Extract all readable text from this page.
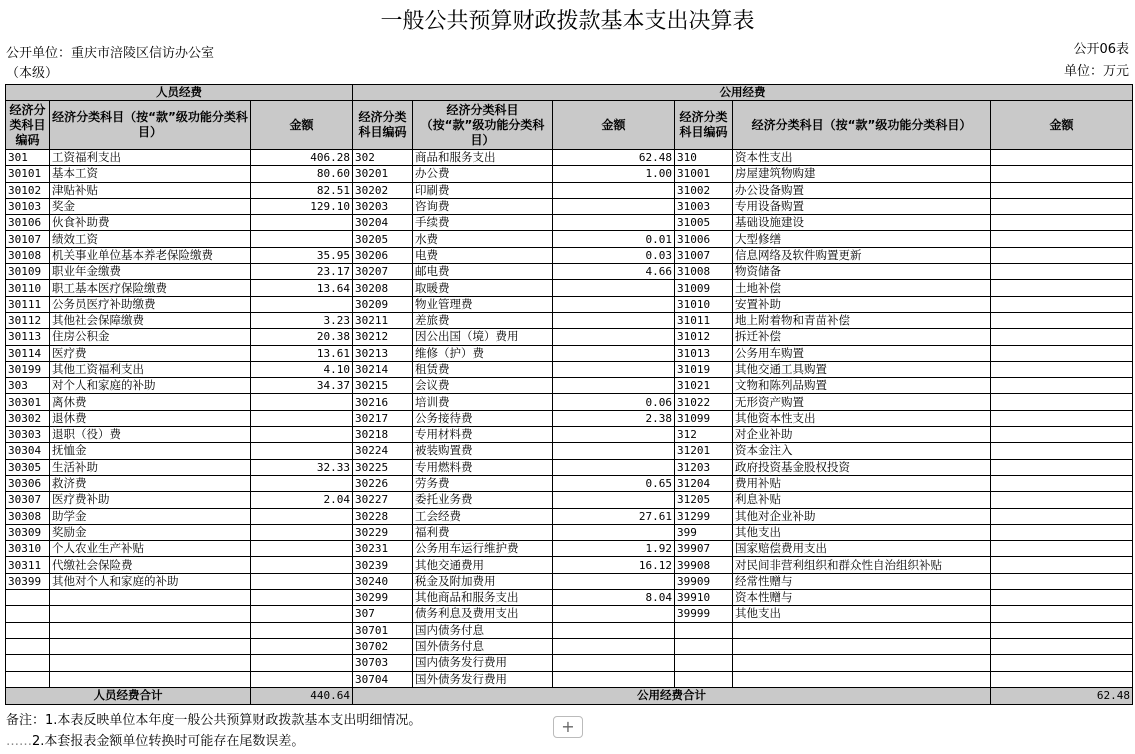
一般公共预算财政拨款基本支出决算表
公开单位：重庆市涪陵区信访办公室
（本级）
公开06表
单位：万元
人员经费			公用经费					
经济分类科目编码	经济分类科目（按“款”级功能分类科目）	金额	经济分类科目编码	经济分类科目（按“款”级功能分类科目）	金额	经济分类科目编码	经济分类科目（按“款”级功能分类科目）	金额
301	工资福利支出	406.28	302	商品和服务支出	62.48	310	资本性支出	
30101	基本工资	80.60	30201	办公费	1.00	31001	房屋建筑物购建	
30102	津贴补贴	82.51	30202	印刷费		31002	办公设备购置	
30103	奖金	129.10	30203	咨询费		31003	专用设备购置	
30106	伙食补助费		30204	手续费		31005	基础设施建设	
30107	绩效工资		30205	水费	0.01	31006	大型修缮	
30108	机关事业单位基本养老保险缴费	35.95	30206	电费	0.03	31007	信息网络及软件购置更新	
30109	职业年金缴费	23.17	30207	邮电费	4.66	31008	物资储备	
30110	职工基本医疗保险缴费	13.64	30208	取暖费		31009	土地补偿	
30111	公务员医疗补助缴费		30209	物业管理费		31010	安置补助	
30112	其他社会保障缴费	3.23	30211	差旅费		31011	地上附着物和青苗补偿	
30113	住房公积金	20.38	30212	因公出国（境）费用		31012	拆迁补偿	
30114	医疗费	13.61	30213	维修（护）费		31013	公务用车购置	
30199	其他工资福利支出	4.10	30214	租赁费		31019	其他交通工具购置	
303	对个人和家庭的补助	34.37	30215	会议费		31021	文物和陈列品购置	
30301	离休费		30216	培训费	0.06	31022	无形资产购置	
30302	退休费		30217	公务接待费	2.38	31099	其他资本性支出	
30303	退职（役）费		30218	专用材料费		312	对企业补助	
30304	抚恤金		30224	被装购置费		31201	资本金注入	
30305	生活补助	32.33	30225	专用燃料费		31203	政府投资基金股权投资	
30306	救济费		30226	劳务费	0.65	31204	费用补贴	
30307	医疗费补助	2.04	30227	委托业务费		31205	利息补贴	
30308	助学金		30228	工会经费	27.61	31299	其他对企业补助	
30309	奖励金		30229	福利费		399	其他支出	
30310	个人农业生产补贴		30231	公务用车运行维护费	1.92	39907	国家赔偿费用支出	
30311	代缴社会保险费		30239	其他交通费用	16.12	39908	对民间非营利组织和群众性自治组织补贴	
30399	其他对个人和家庭的补助		30240	税金及附加费用		39909	经常性赠与	
			30299	其他商品和服务支出	8.04	39910	资本性赠与	
			307	债务利息及费用支出		39999	其他支出	
			30701	国内债务付息				
			30702	国外债务付息				
			30703	国内债务发行费用				
			30704	国外债务发行费用				
人员经费合计		440.64	公用经费合计					62.48
备注：1.本表反映单位本年度一般公共预算财政拨款基本支出明细情况。
……2.本套报表金额单位转换时可能存在尾数误差。
+
